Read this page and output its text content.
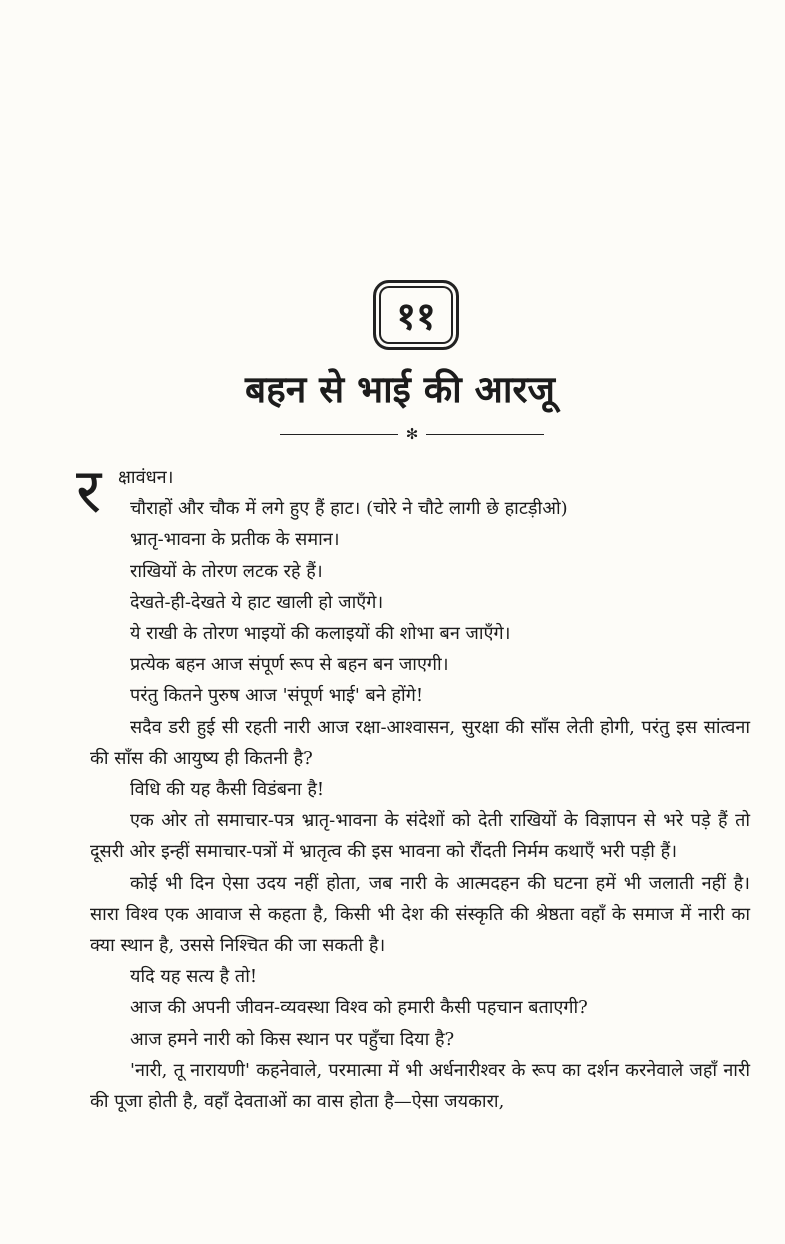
११
बहन से भाई की आरजू
✻
र क्षावंधन।

चौराहों और चौक में लगे हुए हैं हाट। (चोरे ने चौटे लागी छे हाटड़ीओ)

भ्रातृ-भावना के प्रतीक के समान।

राखियों के तोरण लटक रहे हैं।

देखते-ही-देखते ये हाट खाली हो जाएँगे।

ये राखी के तोरण भाइयों की कलाइयों की शोभा बन जाएँगे।

प्रत्येक बहन आज संपूर्ण रूप से बहन बन जाएगी।

परंतु कितने पुरुष आज 'संपूर्ण भाई' बने होंगे!

सदैव डरी हुई सी रहती नारी आज रक्षा-आश्वासन, सुरक्षा की साँस लेती होगी, परंतु इस सांत्वना की साँस की आयुष्य ही कितनी है?

विधि की यह कैसी विडंबना है!

एक ओर तो समाचार-पत्र भ्रातृ-भावना के संदेशों को देती राखियों के विज्ञापन से भरे पड़े हैं तो दूसरी ओर इन्हीं समाचार-पत्रों में भ्रातृत्व की इस भावना को रौंदती निर्मम कथाएँ भरी पड़ी हैं।

कोई भी दिन ऐसा उदय नहीं होता, जब नारी के आत्मदहन की घटना हमें भी जलाती नहीं है। सारा विश्व एक आवाज से कहता है, किसी भी देश की संस्कृति की श्रेष्ठता वहाँ के समाज में नारी का क्या स्थान है, उससे निश्चित की जा सकती है।

यदि यह सत्य है तो!

आज की अपनी जीवन-व्यवस्था विश्व को हमारी कैसी पहचान बताएगी?

आज हमने नारी को किस स्थान पर पहुँचा दिया है?

'नारी, तू नारायणी' कहनेवाले, परमात्मा में भी अर्धनारीश्वर के रूप का दर्शन करनेवाले जहाँ नारी की पूजा होती है, वहाँ देवताओं का वास होता है—ऐसा जयकारा,
